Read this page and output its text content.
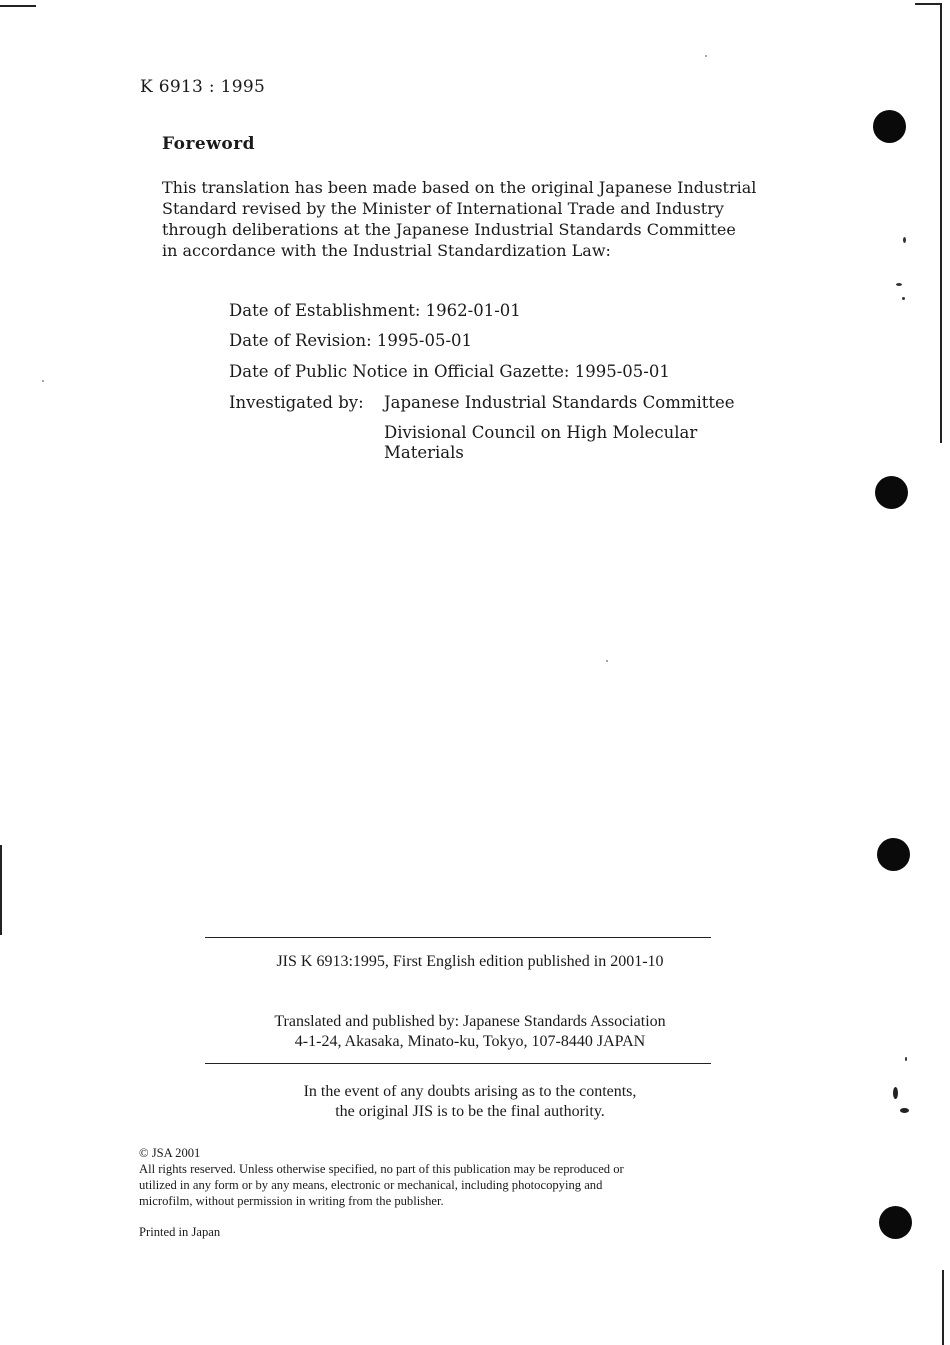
K 6913 : 1995
Foreword
This translation has been made based on the original Japanese Industrial
Standard revised by the Minister of International Trade and Industry
through deliberations at the Japanese Industrial Standards Committee
in accordance with the Industrial Standardization Law:
Date of Establishment: 1962-01-01
Date of Revision: 1995-05-01
Date of Public Notice in Official Gazette: 1995-05-01
Investigated by: Japanese Industrial Standards Committee
Divisional Council on High Molecular
Materials
JIS K 6913:1995, First English edition published in 2001-10
Translated and published by: Japanese Standards Association
4-1-24, Akasaka, Minato-ku, Tokyo, 107-8440 JAPAN
In the event of any doubts arising as to the contents,
the original JIS is to be the final authority.
© JSA 2001
All rights reserved. Unless otherwise specified, no part of this publication may be reproduced or
utilized in any form or by any means, electronic or mechanical, including photocopying and
microfilm, without permission in writing from the publisher.
Printed in Japan
